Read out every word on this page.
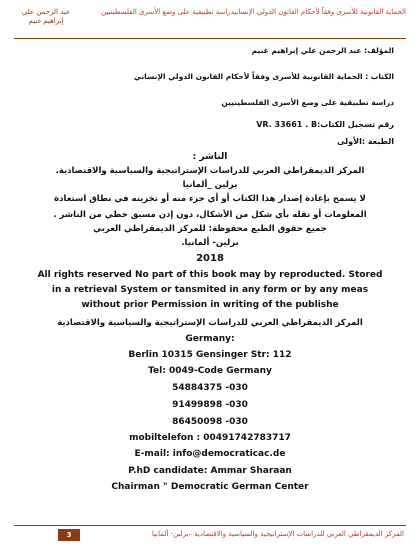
عبد الرحمن علي إبراهيم غنيم
الحماية القانونية للأسرى وفقاً لأحكام القانون الدولي الإنسانيدراسة تطبيقية على وضع الأسرى الفلسطينيين
المؤلف: عبد الرحمن علي إبراهيم غنيم
الكتاب : الحماية القانونية للأسرى وفقاً لأحكام القانون الدولي الإنساني
دراسة تطبيقية على وضع الأسرى الفلسطينيين
رقم تسجيل الكتاب:VR. 33661 . B
الطبعة :الأولى
الناشر :
المركز الديمقراطي العربي للدراسات الإستراتيجية والسياسية والاقتصادية.
برلين _ألمانيا
لا يسمح بإعادة إصدار هذا الكتاب أو أي جزء منه أو تخزينه في نطاق استعادة
المعلومات أو نقله بأي شكل من الأشكال، دون إذن مسبق خطي من الناشر .
جميع حقوق الطبع محفوظة: للمركز الديمقراطي العربي
برلين- ألمانيا.
2018
All rights reserved No part of this book may by reproducted. Stored
in a retrieval System or tansmited in any form or by any meas
without prior Permission in writing of the publishe
المركز الديمقراطي العربي للدراسات الإستراتيجية والسياسية والاقتصادية
Germany:
Berlin 10315 Gensinger Str: 112
Tel: 0049-Code Germany
54884375 -030
91499898 -030
86450098 -030
mobiltelefon : 00491742783717
E-mail: info@democraticac.de
P.hD candidate: Ammar Sharaan
Chairman " Democratic German Center
3	المركز الديمقراطي العربي للدراسات الإستراتيجية والسياسية والاقتصادية –برلين- ألمانيا
